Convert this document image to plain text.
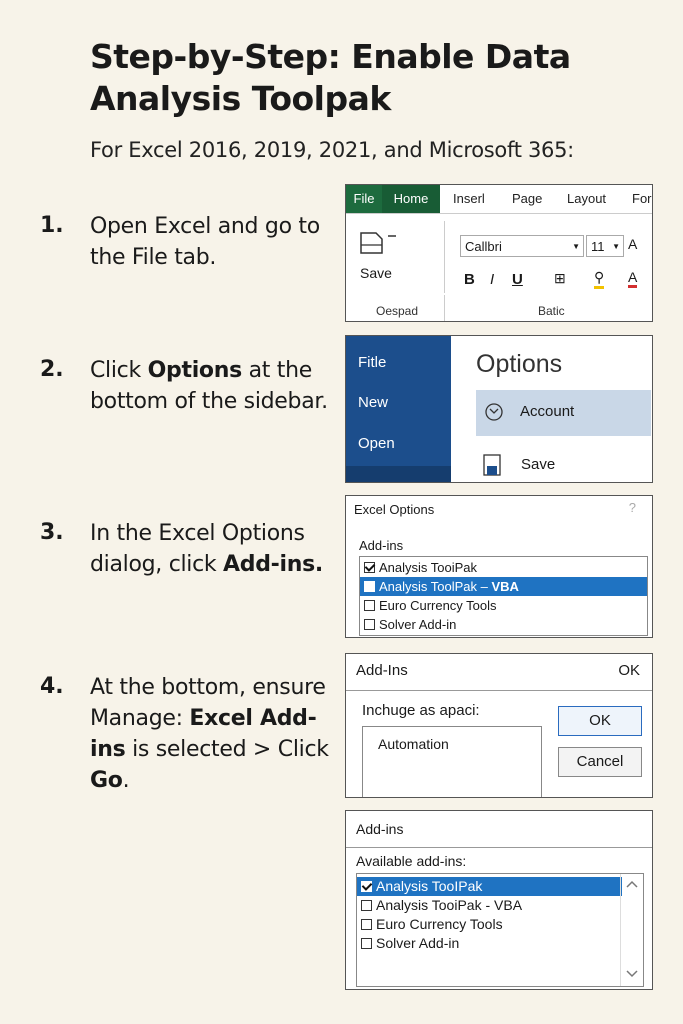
Step-by-Step: Enable Data Analysis Toolpak
For Excel 2016, 2019, 2021, and Microsoft 365:
1. Open Excel and go to the File tab.
2. Click Options at the bottom of the sidebar.
3. In the Excel Options dialog, click Add-ins.
4. At the bottom, ensure Manage: Excel Add-ins is selected > Click Go.
File	Home	Inserl Page Layout For
Save
Callbri	▼ 11 ▼ A
B I U ⊞ ⚲ A
Oespad	Batic
Fitle
New
Open
Options
Account
Save
Excel Options	?
Add-ins
Analysis TooiPak
Analysis ToolPak – VBA
Euro Currency Tools
Solver Add-in
Add-Ins	OK
Inchuge as apaci:
Automation
OK
Cancel
Add-ins
Available add-ins:
Analysis TooIPak
Analysis TooiPak - VBA
Euro Currency Tools
Solver Add-in
